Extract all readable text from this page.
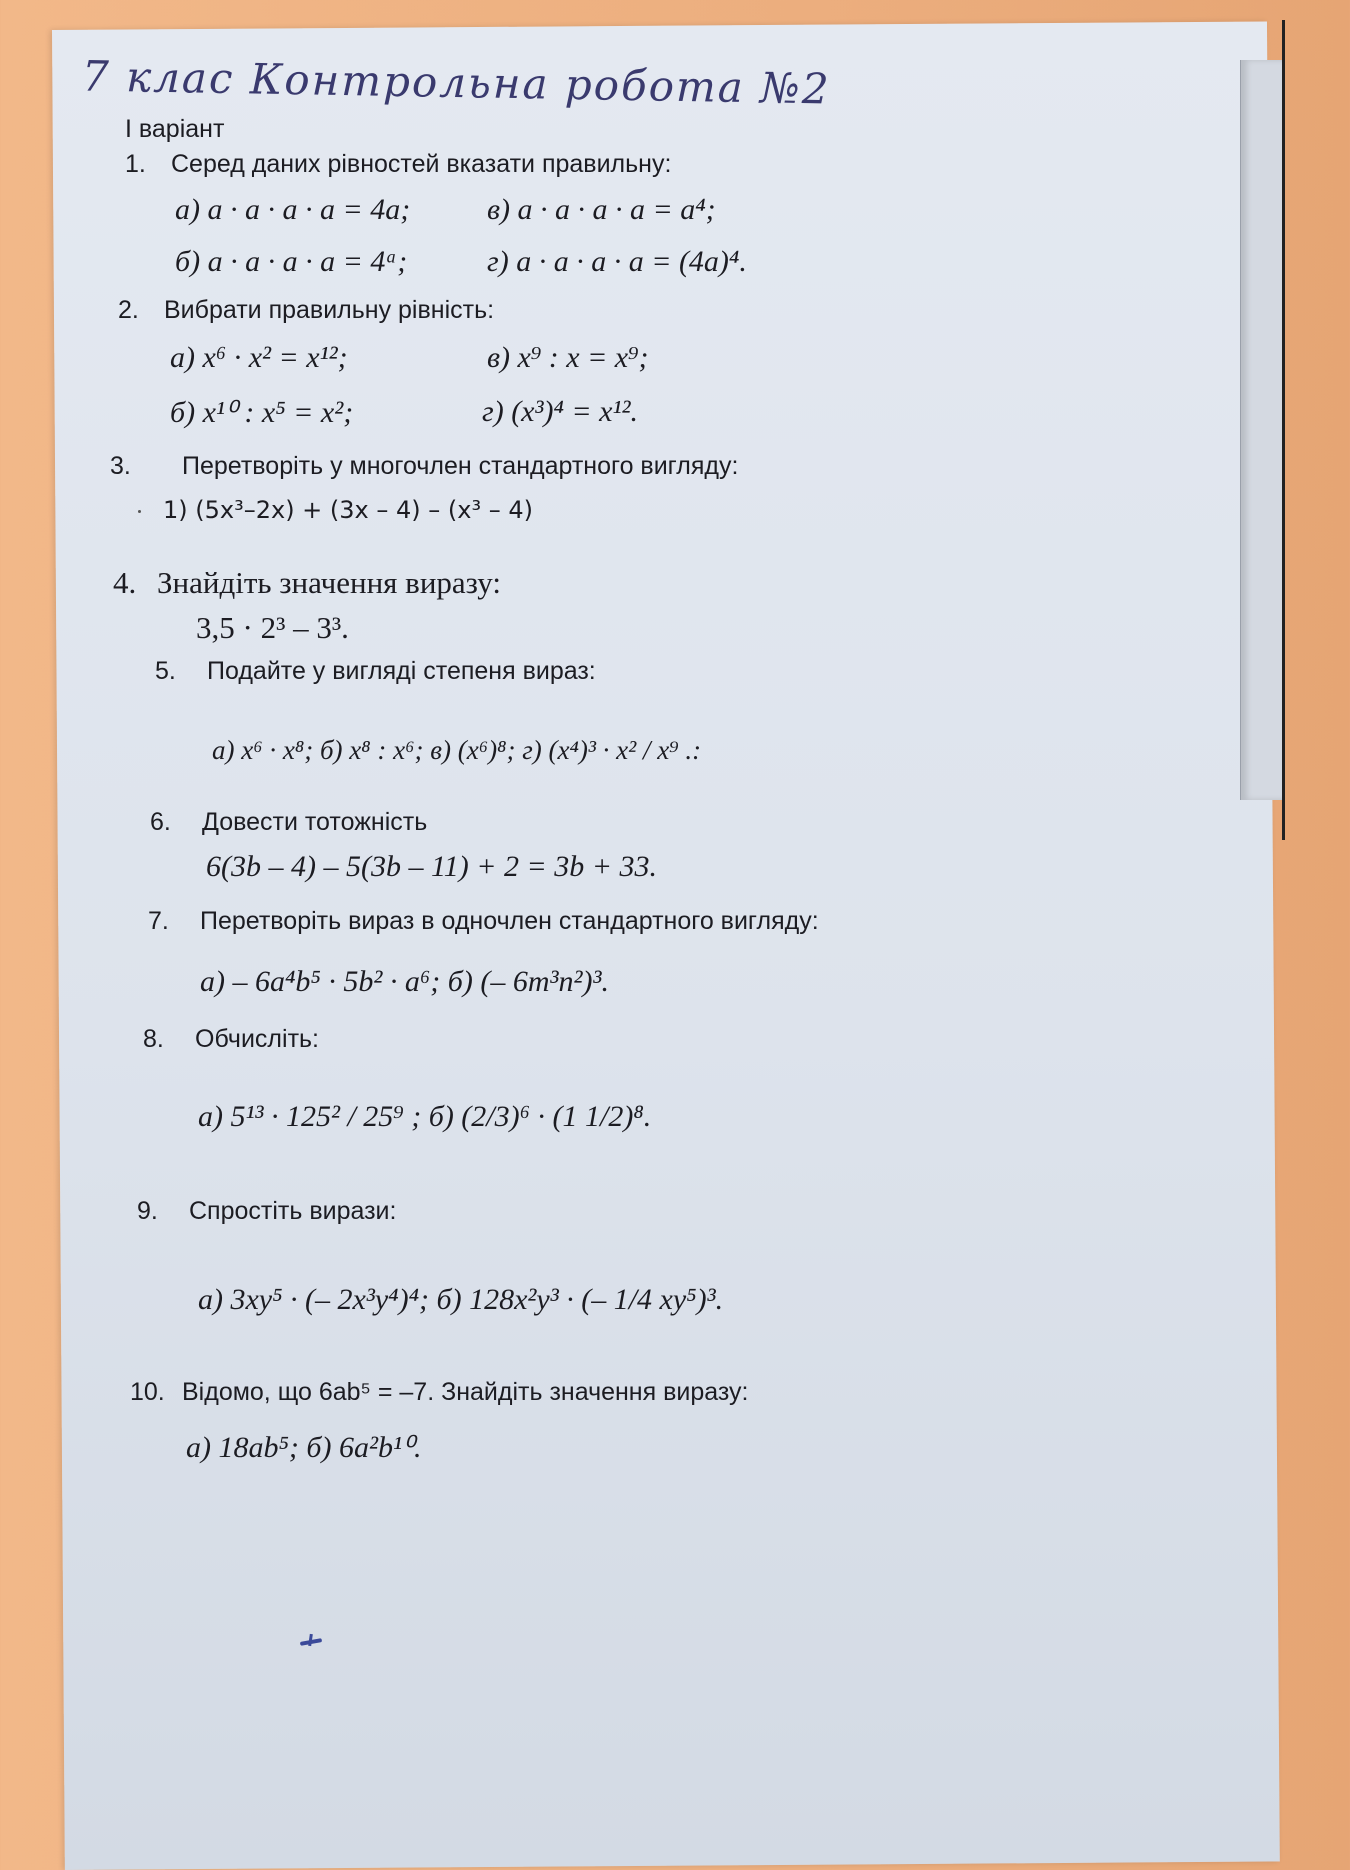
7 клас Контрольна робота №2
I варіант
1. Серед даних рівностей вказати правильну:
а) a · a · a · a = 4a;	в) a · a · a · a = a⁴;
б) a · a · a · a = 4ᵃ;	г) a · a · a · a = (4a)⁴.
2. Вибрати правильну рівність:
а) x⁶ · x² = x¹²;	в) x⁹ : x = x⁹;
б) x¹⁰ : x⁵ = x²;	г) (x³)⁴ = x¹².
3. Перетворіть у многочлен стандартного вигляду:
1) (5x³–2x) + (3x – 4) – (x³ – 4)
4. Знайдіть значення виразу:
3,5 · 2³ – 3³.
5. Подайте у вигляді степеня вираз:
а) x⁶ · x⁸; б) x⁸ : x⁶; в) (x⁶)⁸; г) (x⁴)³ · x² / x⁹ .:
6. Довести тотожність
6(3b – 4) – 5(3b – 11) + 2 = 3b + 33.
7. Перетворіть вираз в одночлен стандартного вигляду:
а) – 6a⁴b⁵ · 5b² · a⁶; б) (– 6m³n²)³.
8. Обчисліть:
а) 5¹³ · 125² / 25⁹ ; б) (2/3)⁶ · (1 1/2)⁸.
9. Спростіть вирази:
а) 3xy⁵ · (– 2x³y⁴)⁴; б) 128x²y³ · (– 1/4 xy⁵)³.
10. Відомо, що 6ab⁵ = –7. Знайдіть значення виразу:
а) 18ab⁵; б) 6a²b¹⁰.
